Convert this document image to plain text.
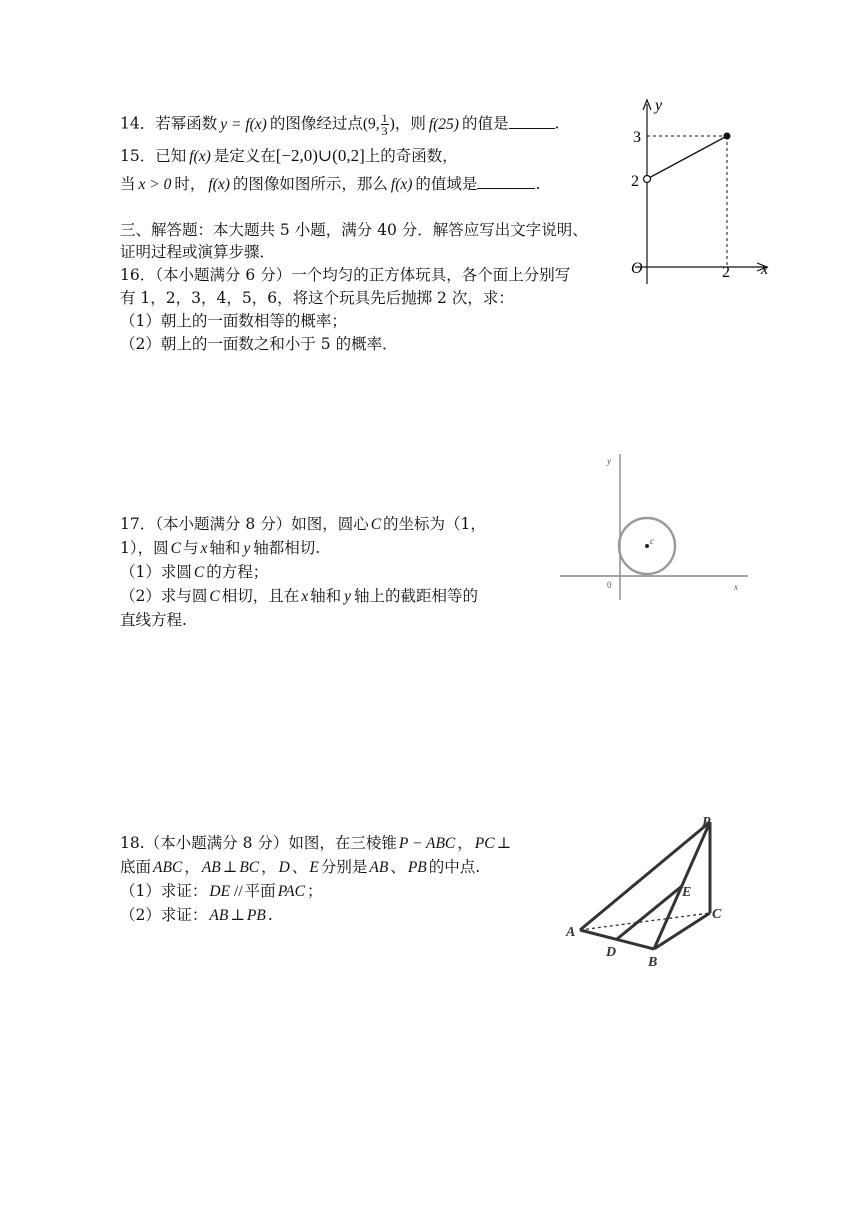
14．若幂函数 y = f(x) 的图像经过点(9, $\frac{1}{3}$ )，则 f(25) 的值是	.
15．已知 f(x) 是定义在[−2,0)∪(0,2]上的奇函数，
当 x > 0 时， f(x) 的图像如图所示，那么 f(x) 的值域是	.
三、解答题：本大题共 5 小题，满分 40 分．解答应写出文字说明、
证明过程或演算步骤．
16．（本小题满分 6 分）一个均匀的正方体玩具，各个面上分别写
有 1，2，3，4，5，6，将这个玩具先后抛掷 2 次，求：
（1）朝上的一面数相等的概率；
（2）朝上的一面数之和小于 5 的概率．
y
x
O
3
2
2
17．（本小题满分 8 分）如图，圆心 C 的坐标为（1，
1），圆 C 与 x 轴和 y 轴都相切.
（1）求圆 C 的方程；
（2）求与圆 C 相切，且在 x 轴和 y 轴上的截距相等的
直线方程.
c
y
x
0
18.（本小题满分 8 分）如图，在三棱锥 P − ABC ， PC ⊥
底面 ABC ， AB ⊥ BC ， D 、 E 分别是 AB 、 PB 的中点.
（1）求证： DE // 平面 PAC ；
（2）求证： AB ⊥ PB .
P
A
B
C
D
E
